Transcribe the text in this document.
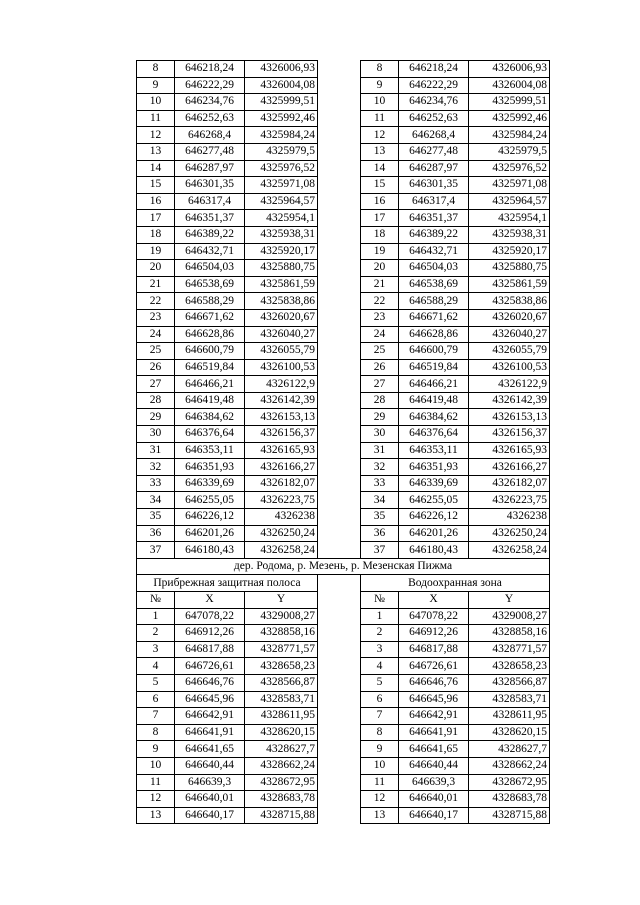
8	646218,24	4326006,93		8	646218,24	4326006,93
9	646222,29	4326004,08		9	646222,29	4326004,08
10	646234,76	4325999,51		10	646234,76	4325999,51
11	646252,63	4325992,46		11	646252,63	4325992,46
12	646268,4	4325984,24		12	646268,4	4325984,24
13	646277,48	4325979,5		13	646277,48	4325979,5
14	646287,97	4325976,52		14	646287,97	4325976,52
15	646301,35	4325971,08		15	646301,35	4325971,08
16	646317,4	4325964,57		16	646317,4	4325964,57
17	646351,37	4325954,1		17	646351,37	4325954,1
18	646389,22	4325938,31		18	646389,22	4325938,31
19	646432,71	4325920,17		19	646432,71	4325920,17
20	646504,03	4325880,75		20	646504,03	4325880,75
21	646538,69	4325861,59		21	646538,69	4325861,59
22	646588,29	4325838,86		22	646588,29	4325838,86
23	646671,62	4326020,67		23	646671,62	4326020,67
24	646628,86	4326040,27		24	646628,86	4326040,27
25	646600,79	4326055,79		25	646600,79	4326055,79
26	646519,84	4326100,53		26	646519,84	4326100,53
27	646466,21	4326122,9		27	646466,21	4326122,9
28	646419,48	4326142,39		28	646419,48	4326142,39
29	646384,62	4326153,13		29	646384,62	4326153,13
30	646376,64	4326156,37		30	646376,64	4326156,37
31	646353,11	4326165,93		31	646353,11	4326165,93
32	646351,93	4326166,27		32	646351,93	4326166,27
33	646339,69	4326182,07		33	646339,69	4326182,07
34	646255,05	4326223,75		34	646255,05	4326223,75
35	646226,12	4326238		35	646226,12	4326238
36	646201,26	4326250,24		36	646201,26	4326250,24
37	646180,43	4326258,24		37	646180,43	4326258,24
дер. Родома, р. Мезень, р. Мезенская Пижма						
Прибрежная защитная полоса				Водоохранная зона		
№	X	Y		№	X	Y
1	647078,22	4329008,27		1	647078,22	4329008,27
2	646912,26	4328858,16		2	646912,26	4328858,16
3	646817,88	4328771,57		3	646817,88	4328771,57
4	646726,61	4328658,23		4	646726,61	4328658,23
5	646646,76	4328566,87		5	646646,76	4328566,87
6	646645,96	4328583,71		6	646645,96	4328583,71
7	646642,91	4328611,95		7	646642,91	4328611,95
8	646641,91	4328620,15		8	646641,91	4328620,15
9	646641,65	4328627,7		9	646641,65	4328627,7
10	646640,44	4328662,24		10	646640,44	4328662,24
11	646639,3	4328672,95		11	646639,3	4328672,95
12	646640,01	4328683,78		12	646640,01	4328683,78
13	646640,17	4328715,88		13	646640,17	4328715,88
